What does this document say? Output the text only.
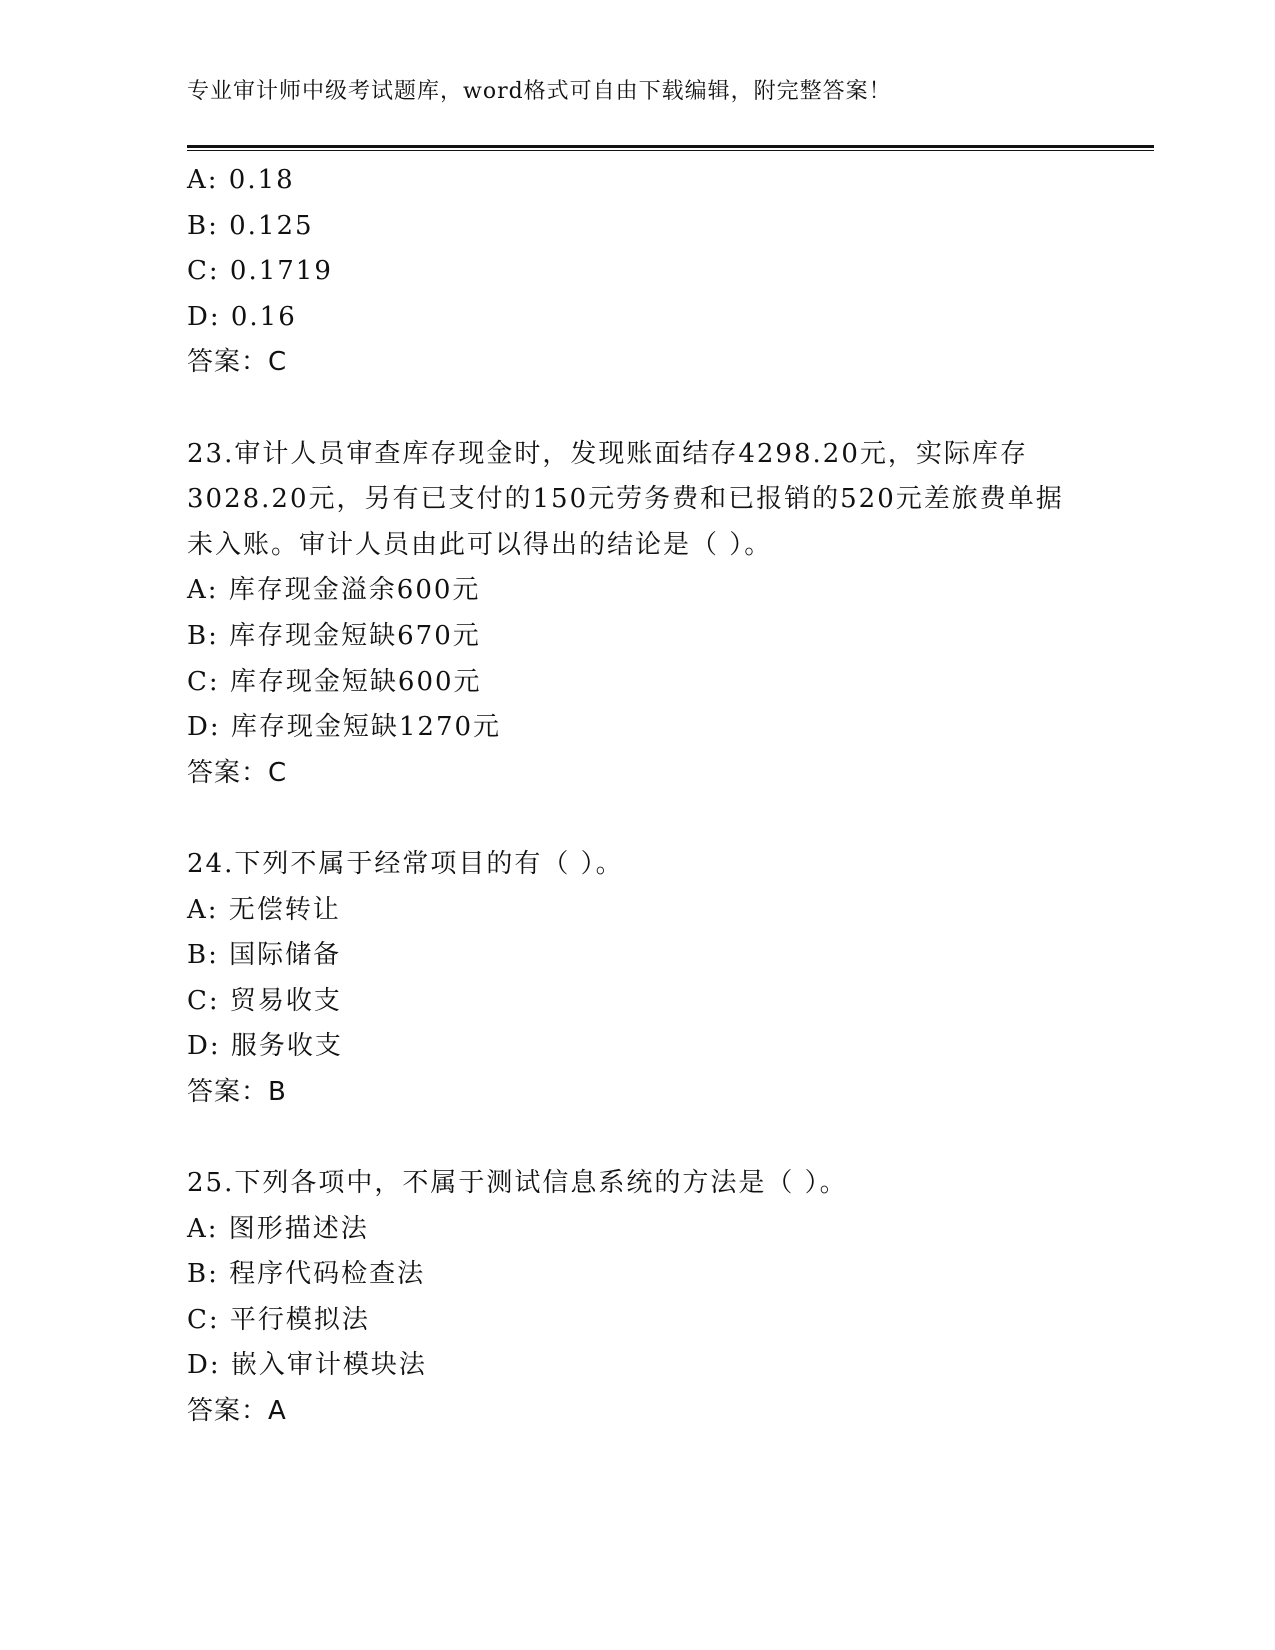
专业审计师中级考试题库，word格式可自由下载编辑，附完整答案！
A: 0.18
B: 0.125
C: 0.1719
D: 0.16
答案：C
23.审计人员审查库存现金时，发现账面结存4298.20元，实际库存
3028.20元，另有已支付的150元劳务费和已报销的520元差旅费单据
未入账。审计人员由此可以得出的结论是（ ）。
A: 库存现金溢余600元
B: 库存现金短缺670元
C: 库存现金短缺600元
D: 库存现金短缺1270元
答案：C
24.下列不属于经常项目的有（ ）。
A: 无偿转让
B: 国际储备
C: 贸易收支
D: 服务收支
答案：B
25.下列各项中，不属于测试信息系统的方法是（ ）。
A: 图形描述法
B: 程序代码检查法
C: 平行模拟法
D: 嵌入审计模块法
答案：A
